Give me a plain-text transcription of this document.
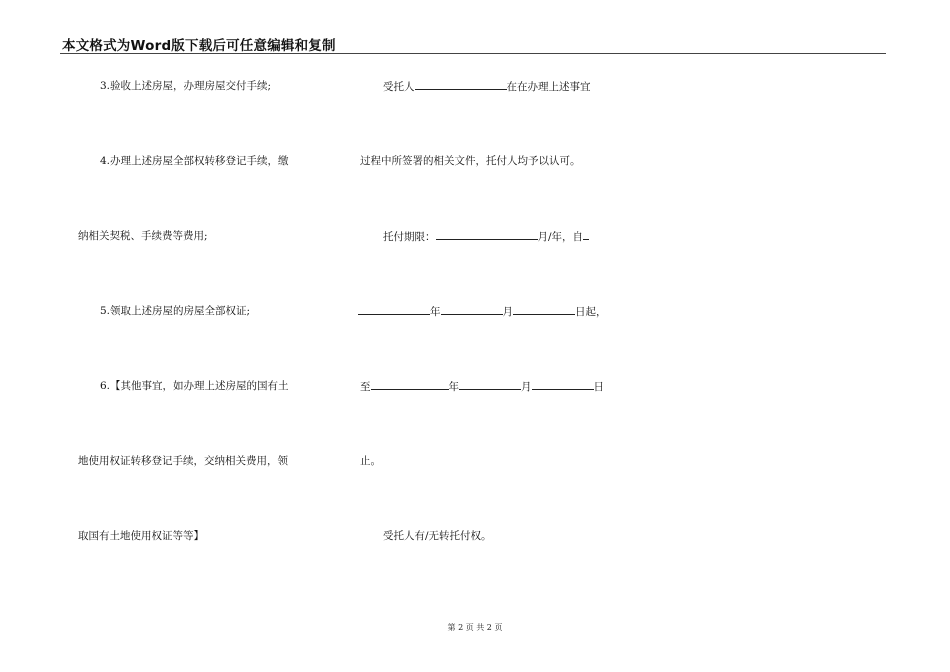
本文格式为Word版下载后可任意编辑和复制
3.验收上述房屋，办理房屋交付手续;
4.办理上述房屋全部权转移登记手续，缴
纳相关契税、手续费等费用;
5.领取上述房屋的房屋全部权证;
6.【其他事宜，如办理上述房屋的国有土
地使用权证转移登记手续，交纳相关费用，领
取国有土地使用权证等等】
受托人	在在办理上述事宜
过程中所签署的相关文件，托付人均予以认可。
托付期限：	月/年，自
年	月	日起，
至	年	月	日
止。
受托人有/无转托付权。
第 2 页 共 2 页
